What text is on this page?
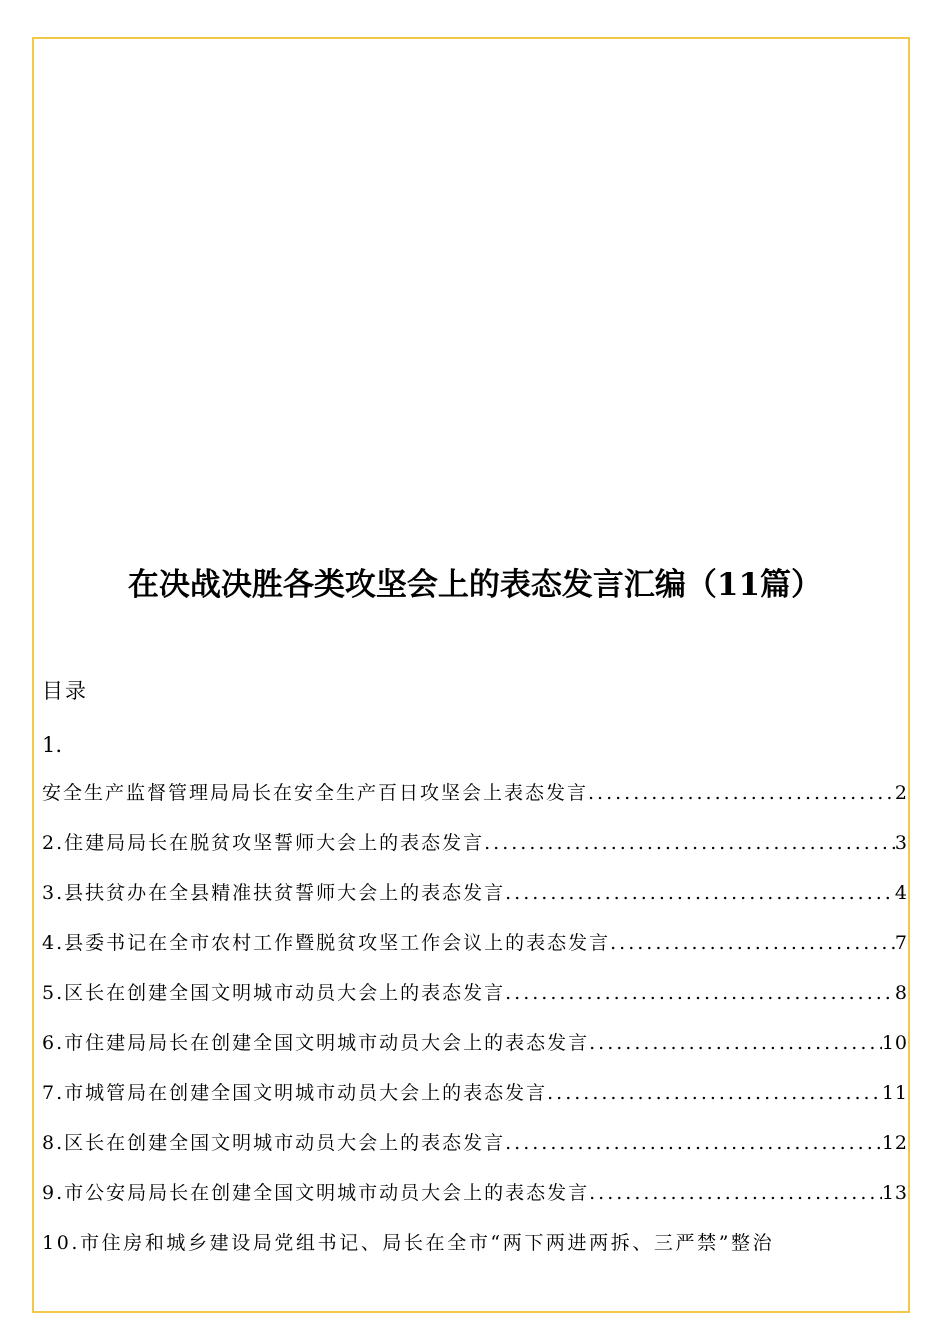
在决战决胜各类攻坚会上的表态发言汇编（11篇）
目录
1.
安全生产监督管理局局长在安全生产百日攻坚会上表态发言 .....	2
2.住建局局长在脱贫攻坚誓师大会上的表态发言 .....	3
3.县扶贫办在全县精准扶贫誓师大会上的表态发言 .....	4
4.县委书记在全市农村工作暨脱贫攻坚工作会议上的表态发言 .....	7
5.区长在创建全国文明城市动员大会上的表态发言 .....	8
6.市住建局局长在创建全国文明城市动员大会上的表态发言 .....	10
7.市城管局在创建全国文明城市动员大会上的表态发言 .....	11
8.区长在创建全国文明城市动员大会上的表态发言 .....	12
9.市公安局局长在创建全国文明城市动员大会上的表态发言 .....	13
10.市住房和城乡建设局党组书记、局长在全市“两下两进两拆、三严禁”整治
